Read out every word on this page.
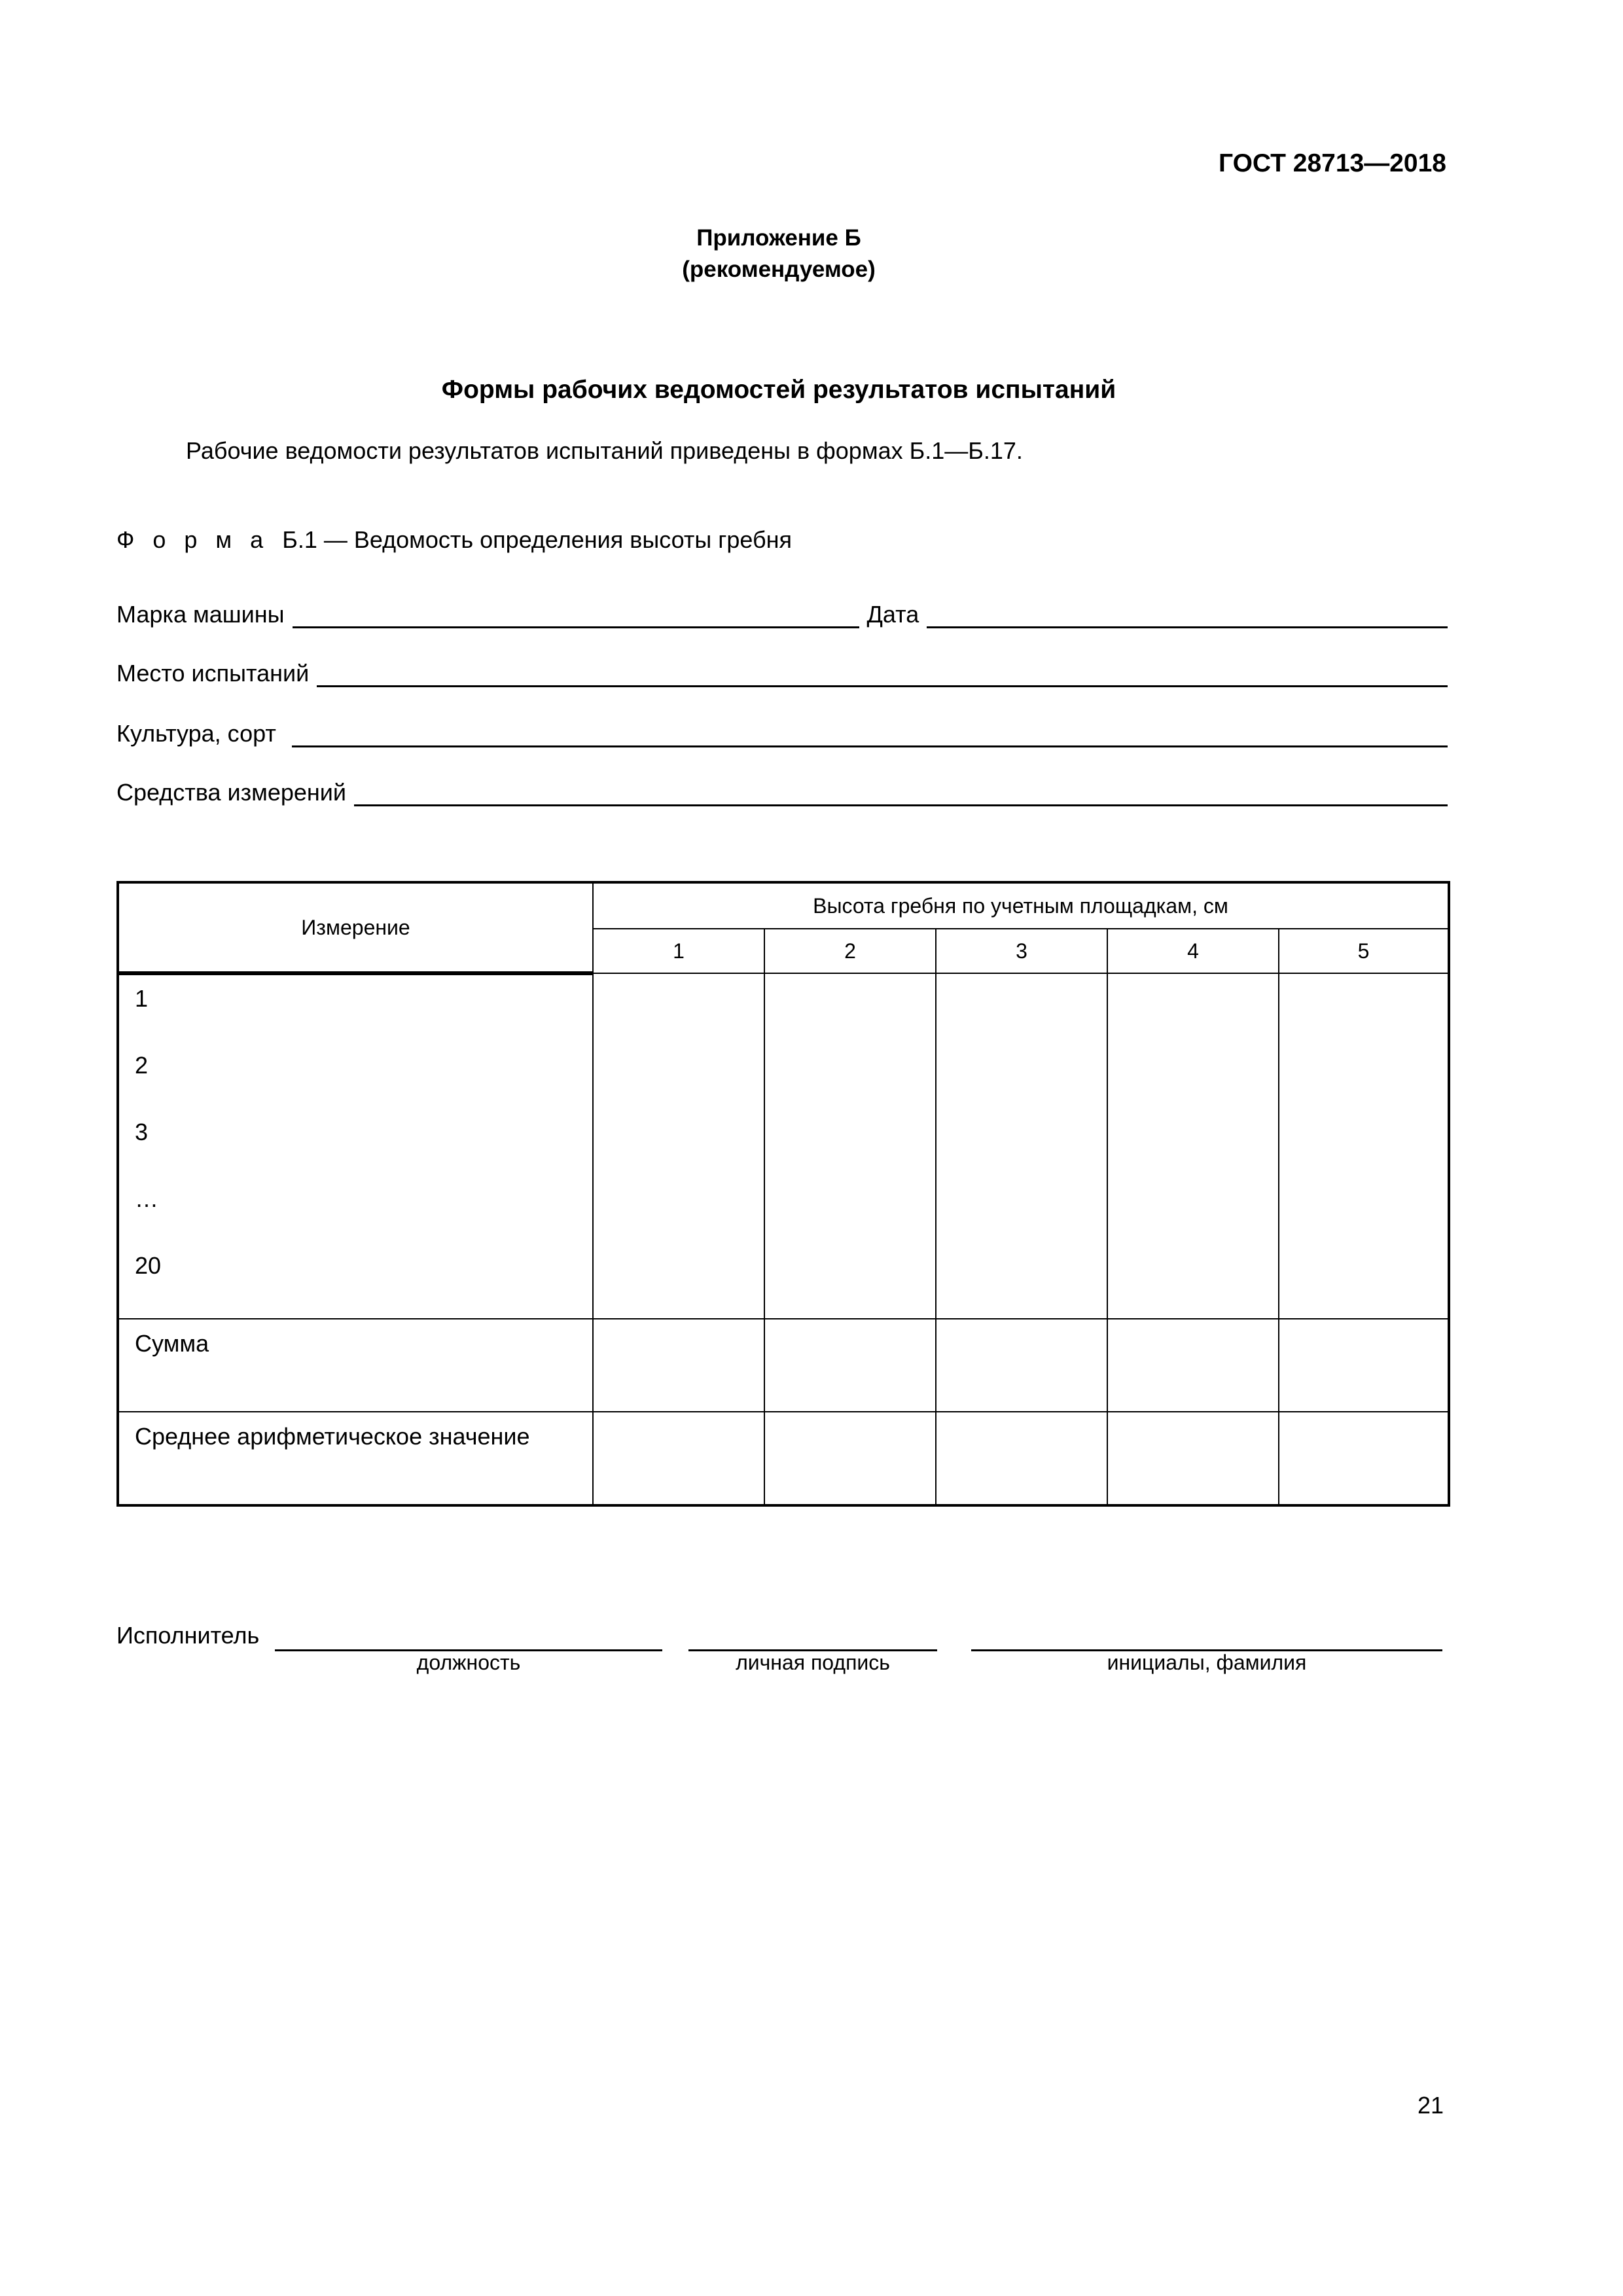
ГОСТ 28713—2018
Приложение Б
(рекомендуемое)
Формы рабочих ведомостей результатов испытаний
Рабочие ведомости результатов испытаний приведены в формах Б.1—Б.17.
Ф о р м а Б.1 — Ведомость определения высоты гребня
Марка машины	Дата
Место испытаний
Культура, сорт
Средства измерений
Измерение	Высота гребня по учетным площадкам, см				
	1	2	3	4	5

1
2
3
…
20					

Сумма					
Среднее арифметическое значение					
Исполнитель
должность	личная подпись	инициалы, фамилия
21
